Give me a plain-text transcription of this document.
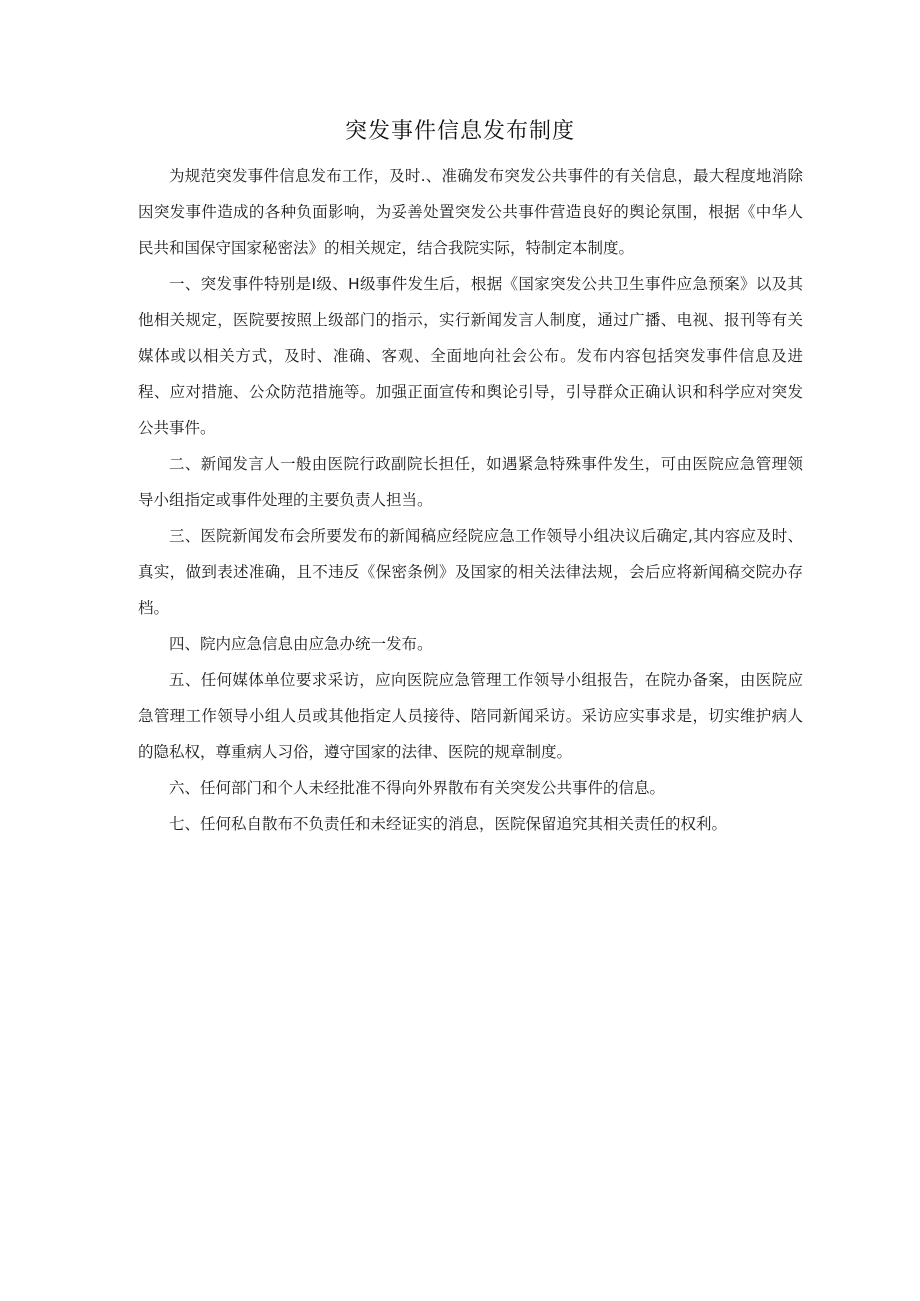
突发事件信息发布制度

为规范突发事件信息发布工作，及时.、准确发布突发公共事件的有关信息，最大程度地消除因突发事件造成的各种负面影响，为妥善处置突发公共事件营造良好的舆论氛围，根据《中华人民共和国保守国家秘密法》的相关规定，结合我院实际，特制定本制度。

一、突发事件特别是Ⅰ级、H级事件发生后，根据《国家突发公共卫生事件应急预案》以及其他相关规定，医院要按照上级部门的指示，实行新闻发言人制度，通过广播、电视、报刊等有关媒体或以相关方式，及时、准确、客观、全面地向社会公布。发布内容包括突发事件信息及进程、应对措施、公众防范措施等。加强正面宣传和舆论引导，引导群众正确认识和科学应对突发公共事件。

二、新闻发言人一般由医院行政副院长担任，如遇紧急特殊事件发生，可由医院应急管理领导小组指定或事件处理的主要负责人担当。

三、医院新闻发布会所要发布的新闻稿应经院应急工作领导小组决议后确定,其内容应及时、真实，做到表述准确，且不违反《保密条例》及国家的相关法律法规，会后应将新闻稿交院办存档。

四、院内应急信息由应急办统一发布。

五、任何媒体单位要求采访，应向医院应急管理工作领导小组报告，在院办备案，由医院应急管理工作领导小组人员或其他指定人员接待、陪同新闻采访。采访应实事求是，切实维护病人的隐私权，尊重病人习俗，遵守国家的法律、医院的规章制度。

六、任何部门和个人未经批准不得向外界散布有关突发公共事件的信息。

七、任何私自散布不负责任和未经证实的消息，医院保留追究其相关责任的权利。
